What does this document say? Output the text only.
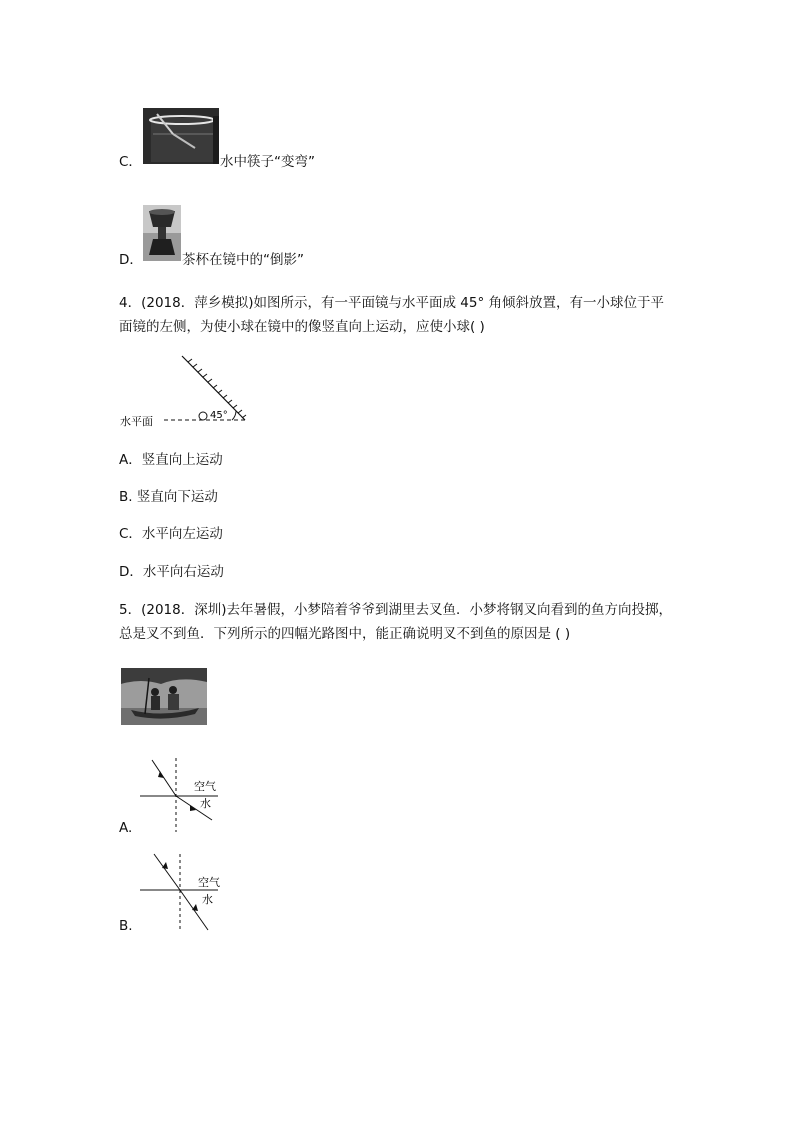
C．	水中筷子“变弯”
D．	茶杯在镜中的“倒影”
4．(2018．萍乡模拟)如图所示，有一平面镜与水平面成 45° 角倾斜放置，有一小球位于平
面镜的左侧，为使小球在镜中的像竖直向上运动，应使小球( )
45°
水平面
A．竖直向上运动
B. 竖直向下运动
C．水平向左运动
D．水平向右运动
5．(2018．深圳)去年暑假，小梦陪着爷爷到湖里去叉鱼．小梦将钢叉向看到的鱼方向投掷，
总是叉不到鱼．下列所示的四幅光路图中，能正确说明叉不到鱼的原因是 ( )
空气
水
A.
空气
水
B.
